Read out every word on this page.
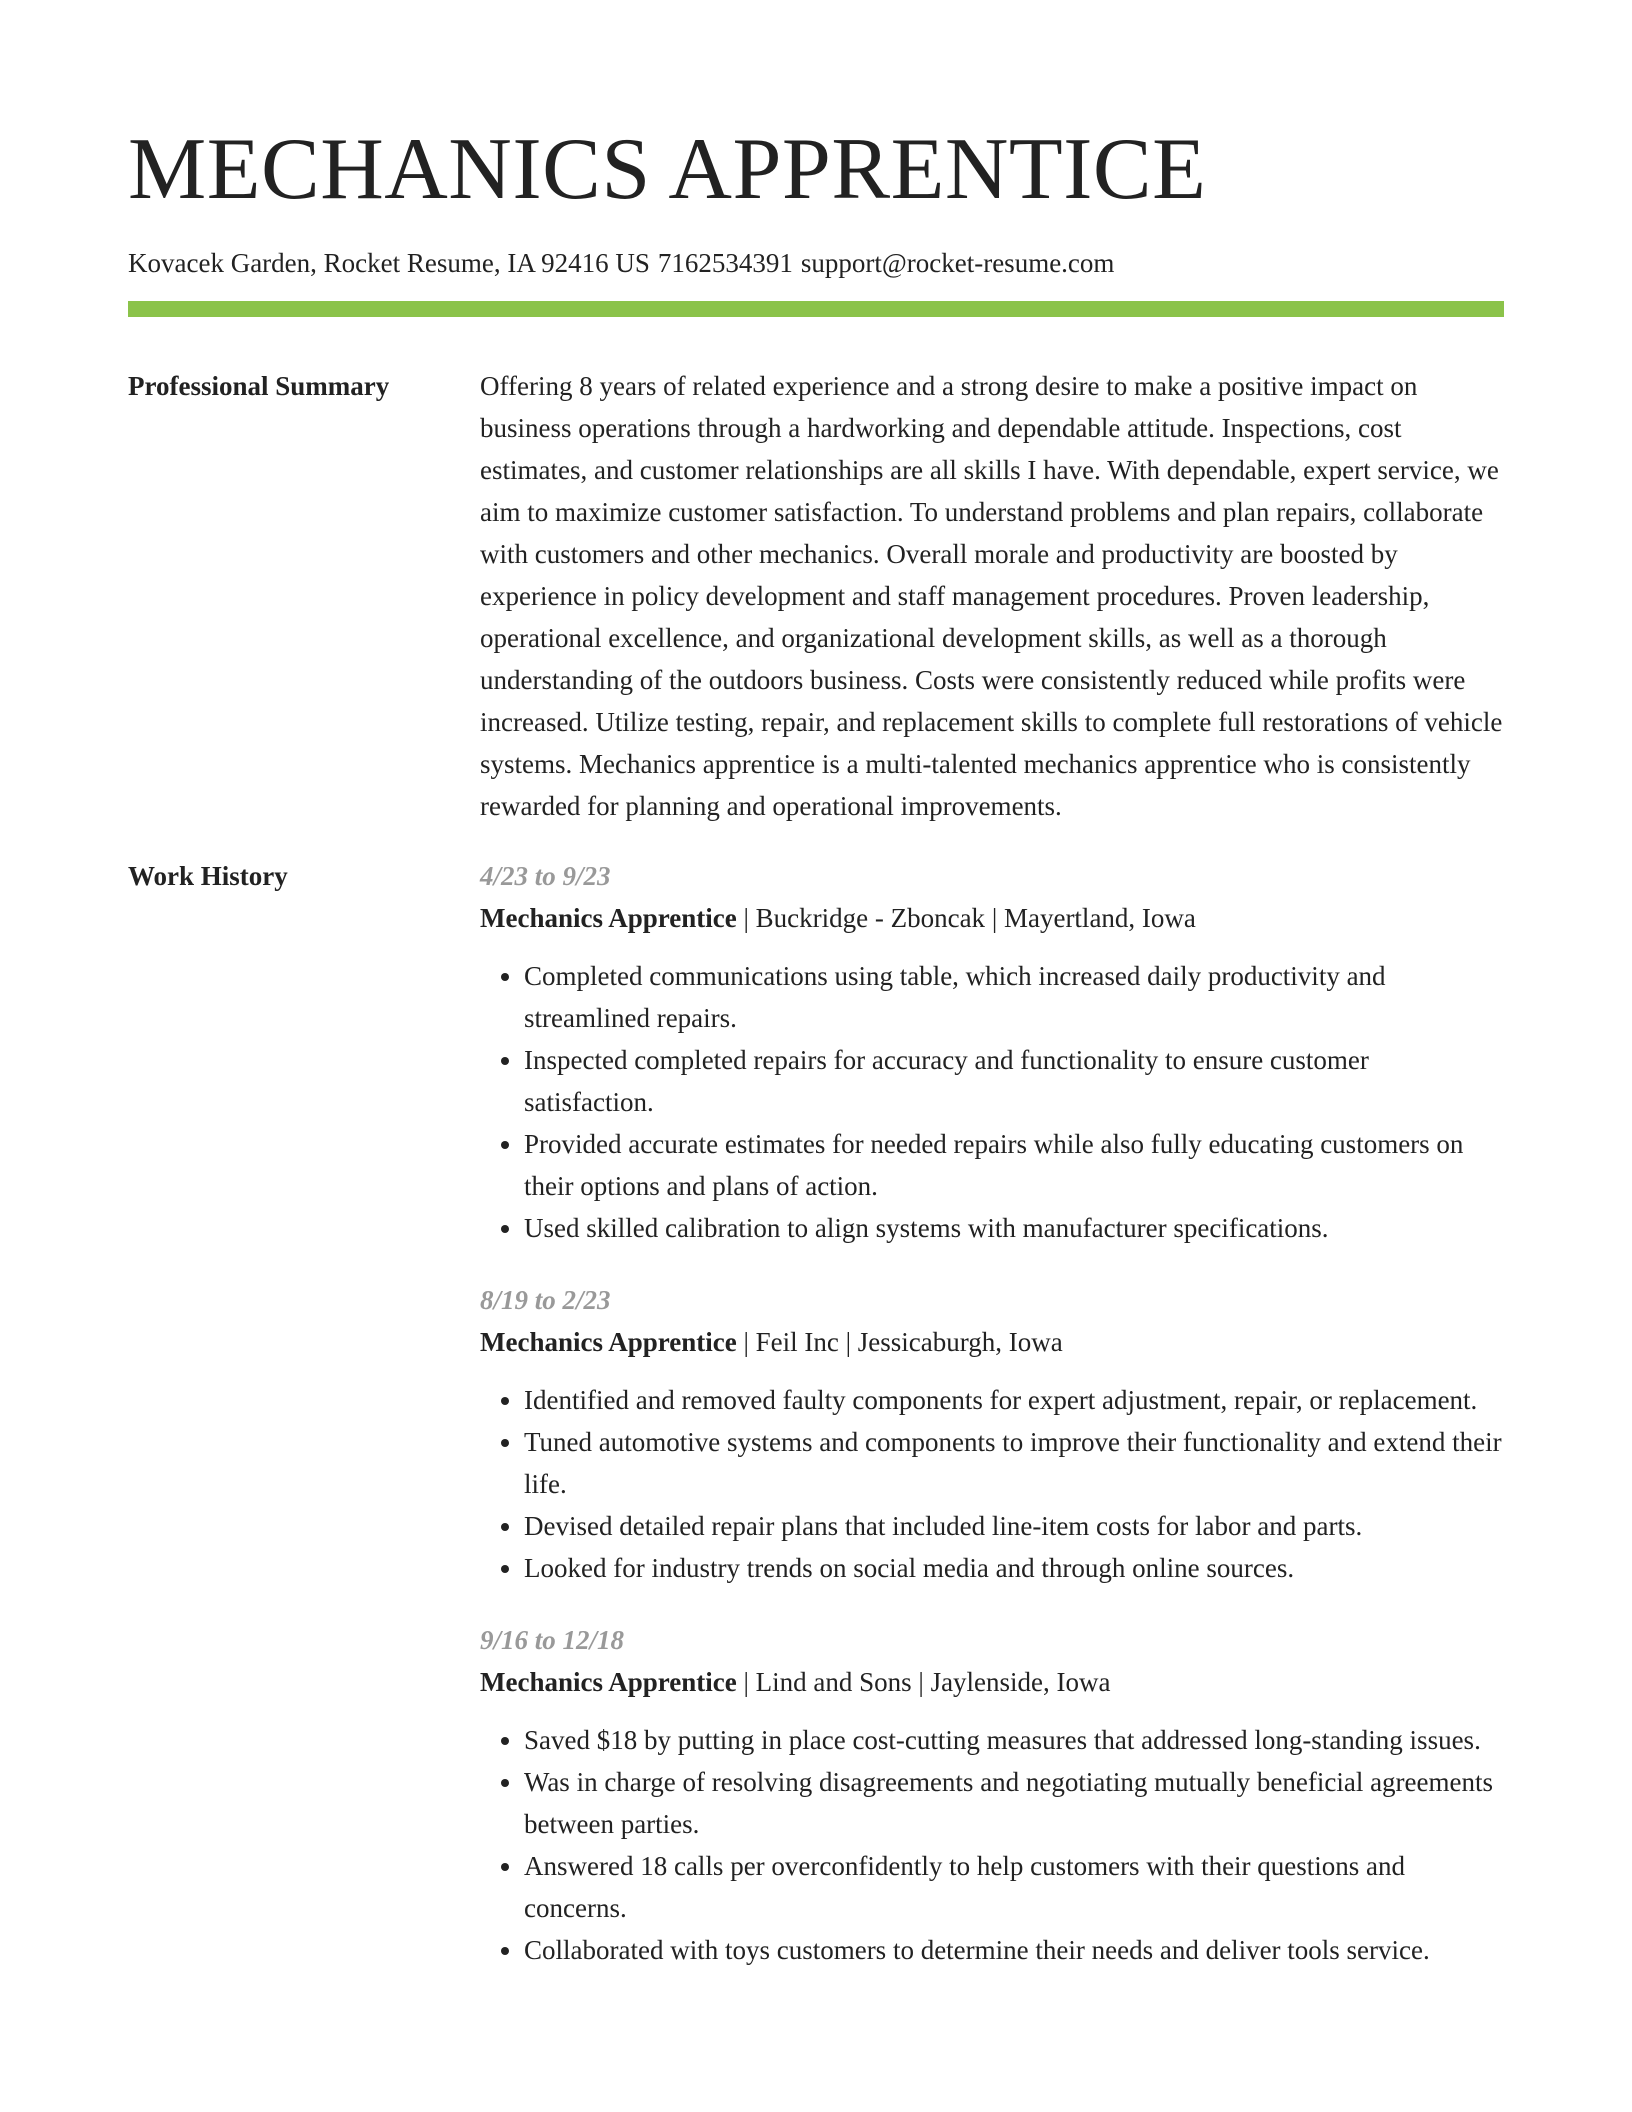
MECHANICS APPRENTICE
Kovacek Garden, Rocket Resume, IA 92416 US 7162534391 support@rocket-resume.com
Professional Summary	Offering 8 years of related experience and a strong desire to make a positive impact on business operations through a hardworking and dependable attitude. Inspections, cost estimates, and customer relationships are all skills I have. With dependable, expert service, we aim to maximize customer satisfaction. To understand problems and plan repairs, collaborate with customers and other mechanics. Overall morale and productivity are boosted by experience in policy development and staff management procedures. Proven leadership, operational excellence, and organizational development skills, as well as a thorough understanding of the outdoors business. Costs were consistently reduced while profits were increased. Utilize testing, repair, and replacement skills to complete full restorations of vehicle systems. Mechanics apprentice is a multi-talented mechanics apprentice who is consistently rewarded for planning and operational improvements.

Work History	4/23 to 9/23
Mechanics Apprentice | Buckridge - Zboncak | Mayertland, Iowa
• Completed communications using table, which increased daily productivity and streamlined repairs.
• Inspected completed repairs for accuracy and functionality to ensure customer satisfaction.
• Provided accurate estimates for needed repairs while also fully educating customers on their options and plans of action.
• Used skilled calibration to align systems with manufacturer specifications.
8/19 to 2/23
Mechanics Apprentice | Feil Inc | Jessicaburgh, Iowa
• Identified and removed faulty components for expert adjustment, repair, or replacement.
• Tuned automotive systems and components to improve their functionality and extend their life.
• Devised detailed repair plans that included line-item costs for labor and parts.
• Looked for industry trends on social media and through online sources.
9/16 to 12/18
Mechanics Apprentice | Lind and Sons | Jaylenside, Iowa
• Saved $18 by putting in place cost-cutting measures that addressed long-standing issues.
• Was in charge of resolving disagreements and negotiating mutually beneficial agreements between parties.
• Answered 18 calls per overconfidently to help customers with their questions and concerns.
• Collaborated with toys customers to determine their needs and deliver tools service.
